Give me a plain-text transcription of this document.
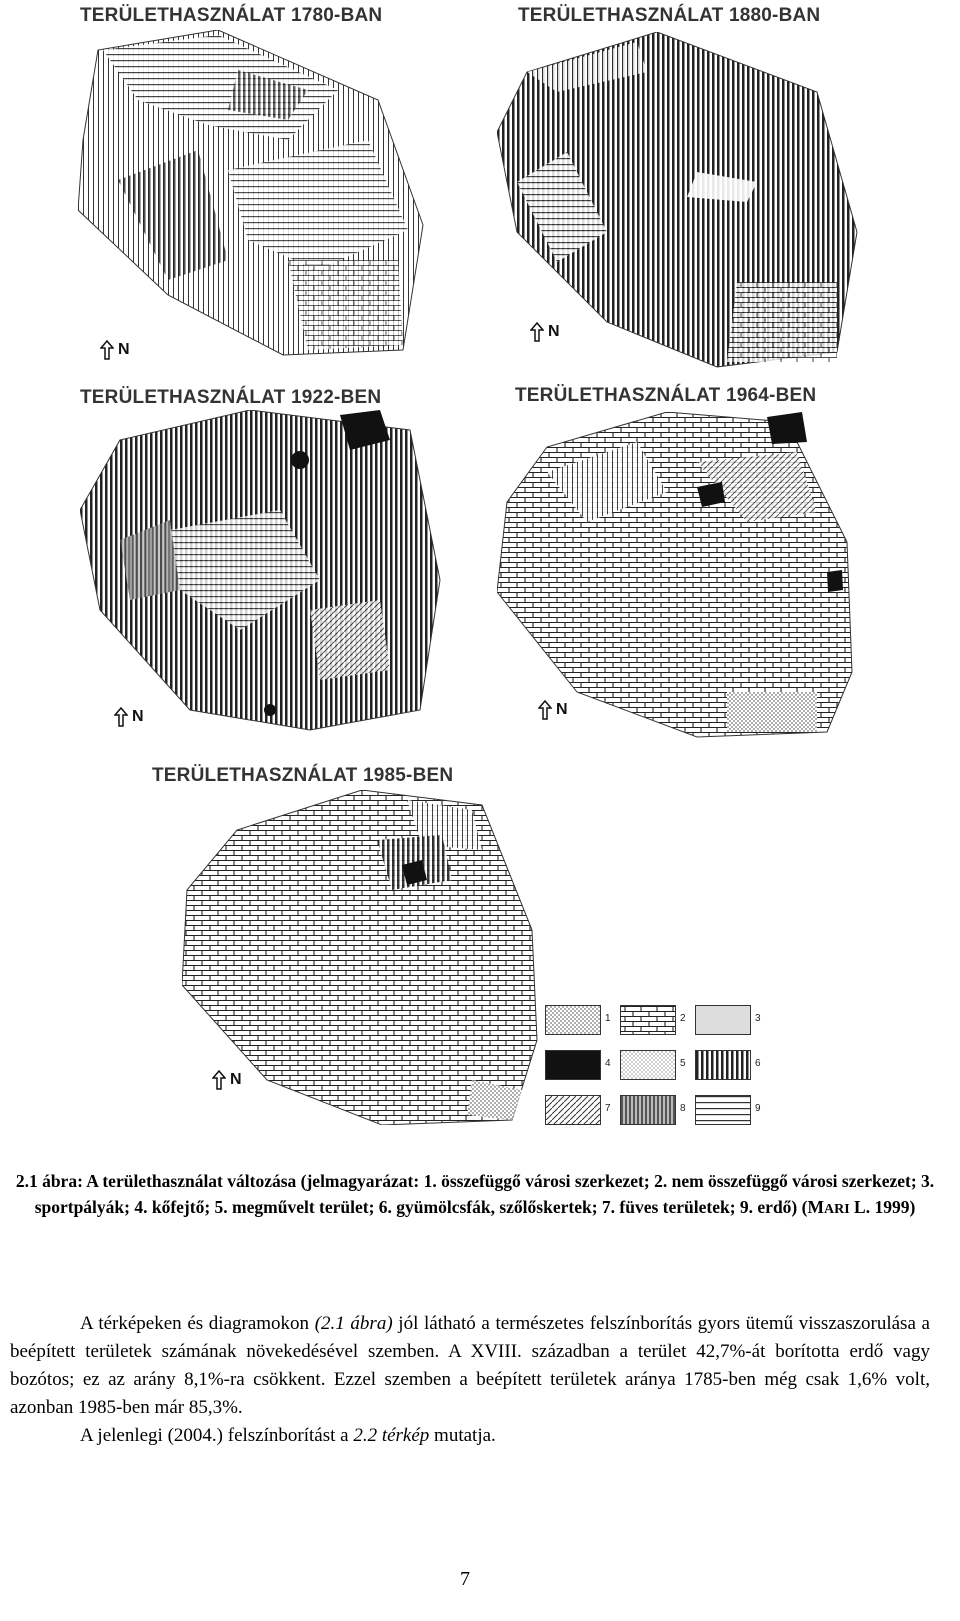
TERÜLETHASZNÁLAT 1780-BAN
N
TERÜLETHASZNÁLAT 1880-BAN
N
TERÜLETHASZNÁLAT 1922-BEN
N
TERÜLETHASZNÁLAT 1964-BEN
N
TERÜLETHASZNÁLAT 1985-BEN
N
1	2	3
4	5	6
7	8	9
2.1 ábra: A területhasználat változása (jelmagyarázat: 1. összefüggő városi szerkezet; 2. nem összefüggő városi szerkezet; 3. sportpályák; 4. kőfejtő; 5. megművelt terület; 6. gyümölcsfák, szőlőskertek; 7. füves területek; 9. erdő) (MARI L. 1999)

A térképeken és diagramokon (2.1 ábra) jól látható a természetes felszínborítás gyors ütemű visszaszorulása a beépített területek számának növekedésével szemben. A XVIII. században a terület 42,7%-át borította erdő vagy bozótos; ez az arány 8,1%-ra csökkent. Ezzel szemben a beépített területek aránya 1785-ben még csak 1,6% volt, azonban 1985-ben már 85,3%.

A jelenlegi (2004.) felszínborítást a 2.2 térkép mutatja.

7
